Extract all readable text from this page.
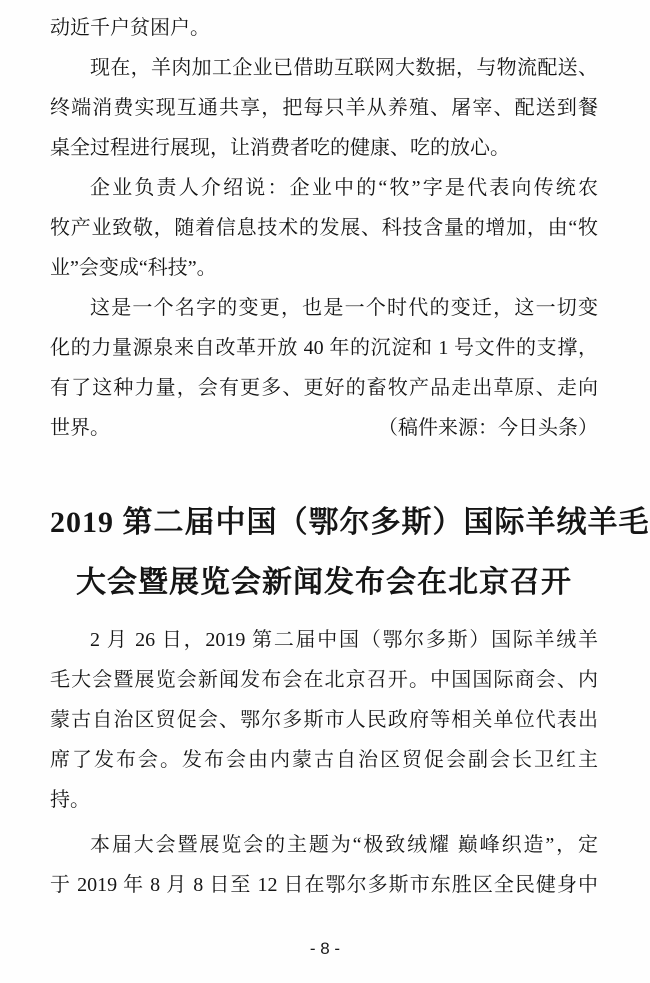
动近千户贫困户。
现在，羊肉加工企业已借助互联网大数据，与物流配送、
终端消费实现互通共享，把每只羊从养殖、屠宰、配送到餐
桌全过程进行展现，让消费者吃的健康、吃的放心。
企业负责人介绍说：企业中的“牧”字是代表向传统农
牧产业致敬，随着信息技术的发展、科技含量的增加，由“牧
业”会变成“科技”。
这是一个名字的变更，也是一个时代的变迁，这一切变
化的力量源泉来自改革开放 40 年的沉淀和 1 号文件的支撑，
有了这种力量，会有更多、更好的畜牧产品走出草原、走向
世界。	（稿件来源：今日头条）
2019 第二届中国（鄂尔多斯）国际羊绒羊毛
大会暨展览会新闻发布会在北京召开
2 月 26 日，2019 第二届中国（鄂尔多斯）国际羊绒羊
毛大会暨展览会新闻发布会在北京召开。中国国际商会、内
蒙古自治区贸促会、鄂尔多斯市人民政府等相关单位代表出
席了发布会。发布会由内蒙古自治区贸促会副会长卫红主
持。
本届大会暨展览会的主题为“极致绒耀 巅峰织造”，定
于 2019 年 8 月 8 日至 12 日在鄂尔多斯市东胜区全民健身中
- 8 -
